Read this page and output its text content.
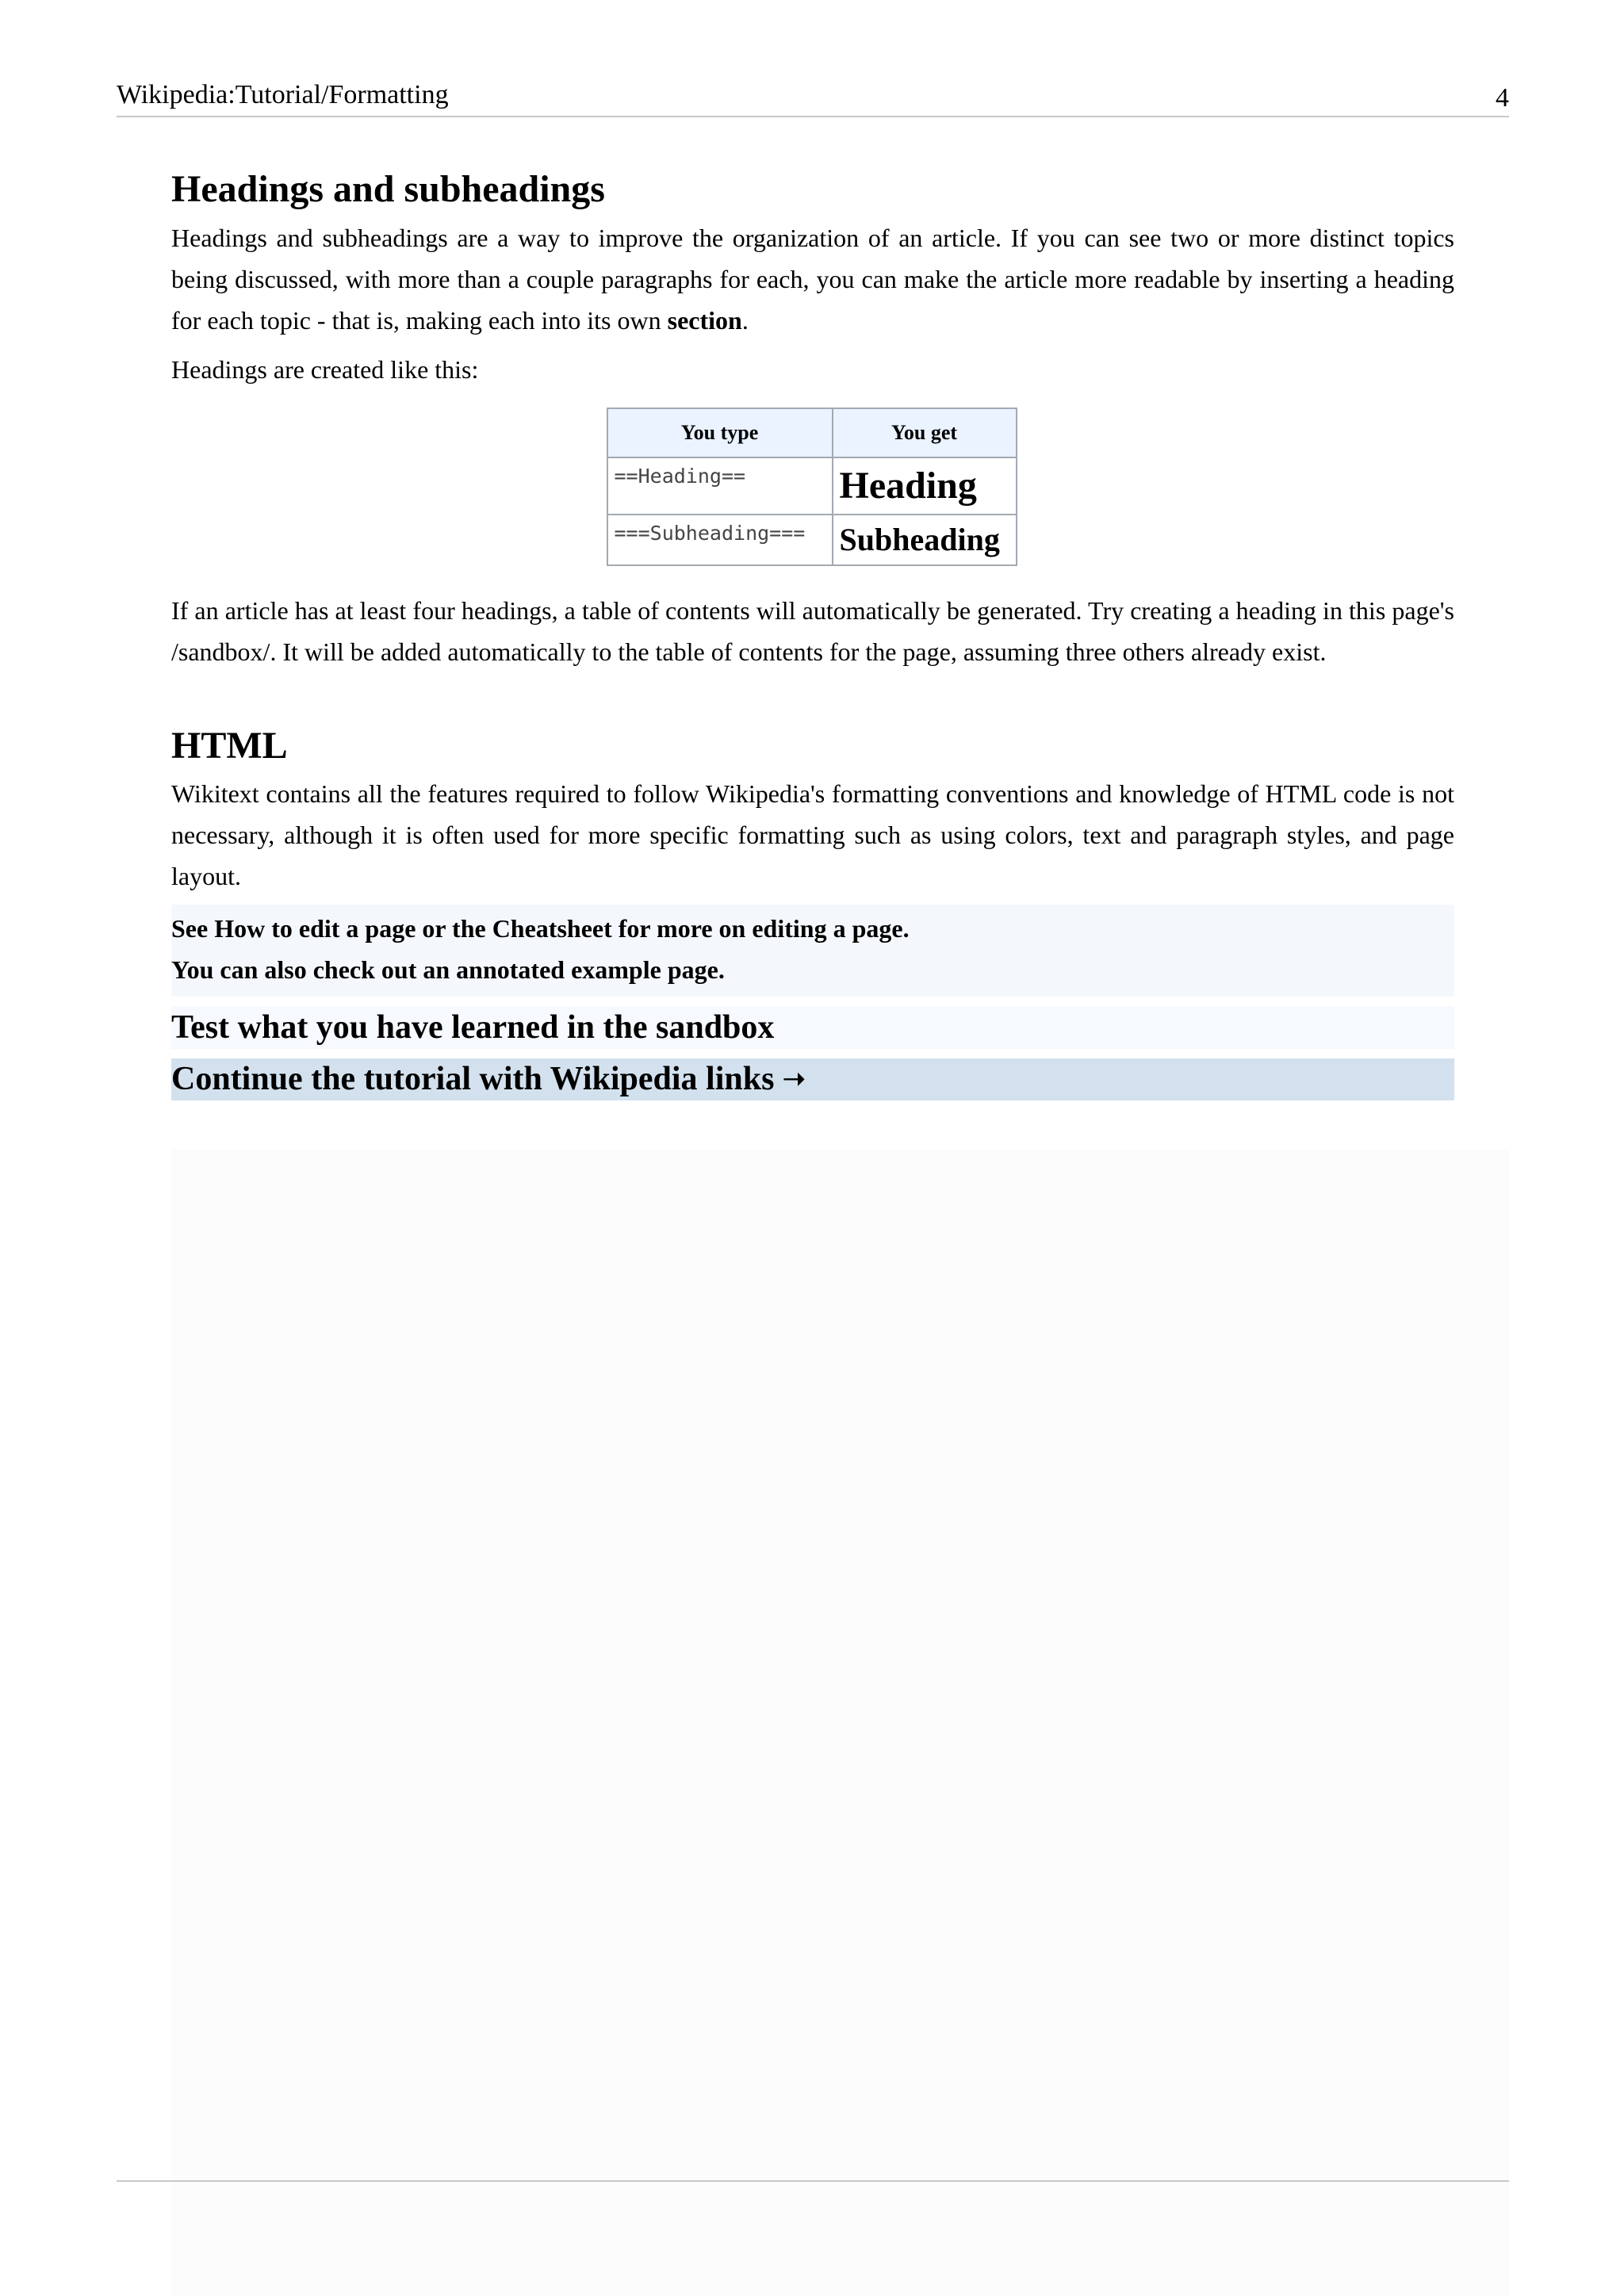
Wikipedia:Tutorial/Formatting	4
Headings and subheadings

Headings and subheadings are a way to improve the organization of an article. If you can see two or more distinct topics being discussed, with more than a couple paragraphs for each, you can make the article more readable by inserting a heading for each topic - that is, making each into its own section.

Headings are created like this:

You type	You get
==Heading==	Heading

===Subheading===	Subheading

If an article has at least four headings, a table of contents will automatically be generated. Try creating a heading in this page's /sandbox/. It will be added automatically to the table of contents for the page, assuming three others already exist.

HTML

Wikitext contains all the features required to follow Wikipedia's formatting conventions and knowledge of HTML code is not necessary, although it is often used for more specific formatting such as using colors, text and paragraph styles, and page layout.

See How to edit a page or the Cheatsheet for more on editing a page.
You can also check out an annotated example page.
Test what you have learned in the sandbox
Continue the tutorial with Wikipedia links ➝
